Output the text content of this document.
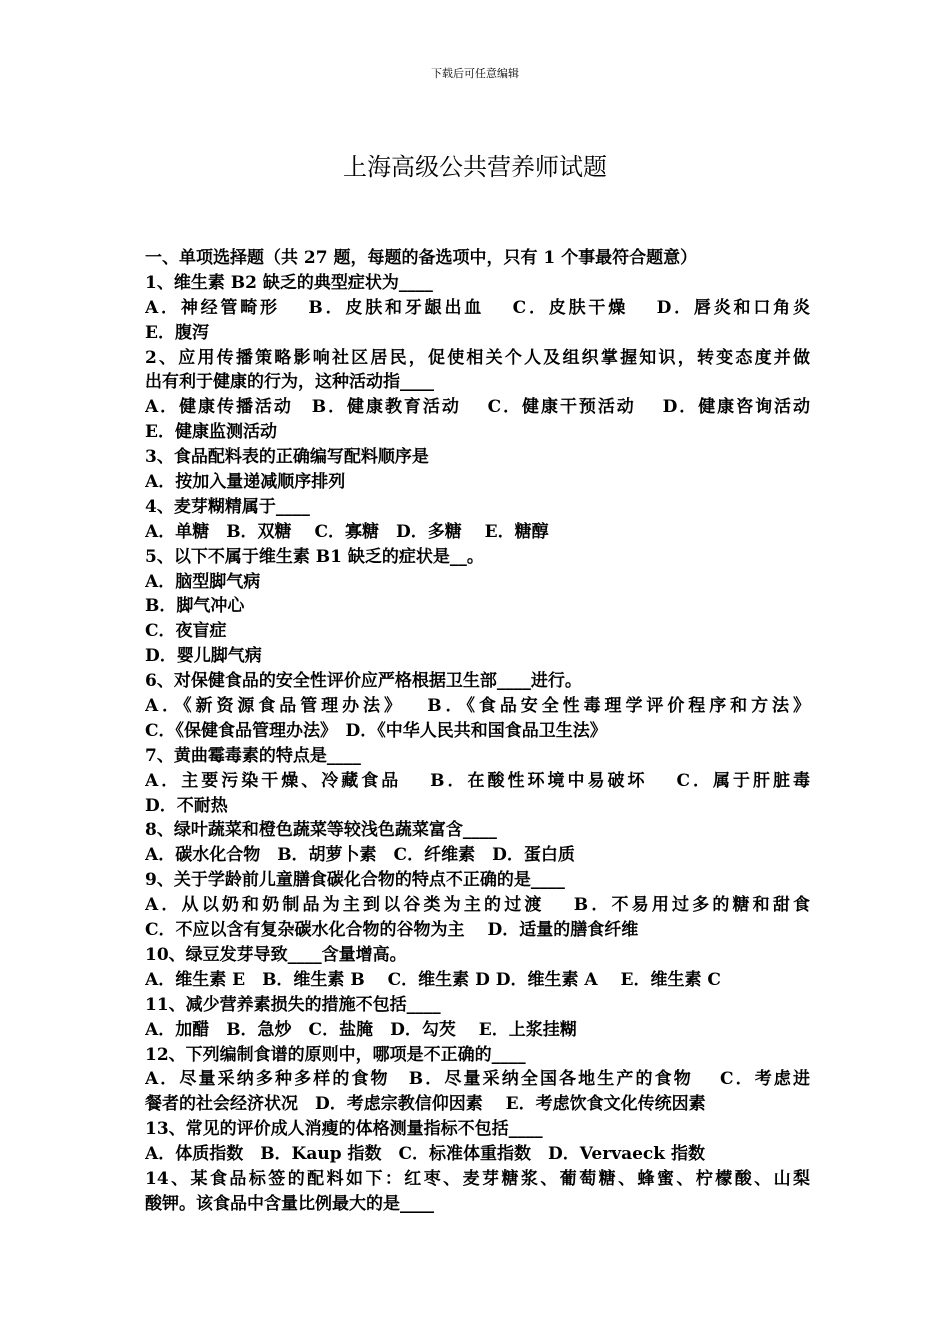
下载后可任意编辑
上海高级公共营养师试题
一、单项选择题（共 27 题，每题的备选项中，只有 1 个事最符合题意）
1、维生素 B2 缺乏的典型症状为____
A．神经管畸形　 B．皮肤和牙龈出血　 C．皮肤干燥　 D．唇炎和口角炎
E．腹泻
2、应用传播策略影响社区居民，促使相关个人及组织掌握知识，转变态度并做
出有利于健康的行为，这种活动指____
A．健康传播活动　B．健康教育活动　 C．健康干预活动　 D．健康咨询活动
E．健康监测活动
3、食品配料表的正确编写配料顺序是
A．按加入量递减顺序排列
4、麦芽糊精属于____
A．单糖　B．双糖　 C．寡糖　D．多糖　 E．糖醇
5、以下不属于维生素 B1 缺乏的症状是__。
A．脑型脚气病
B．脚气冲心
C．夜盲症
D．婴儿脚气病
6、对保健食品的安全性评价应严格根据卫生部____进行。
A．《新资源食品管理办法》　 B．《食品安全性毒理学评价程序和方法》
C．《保健食品管理办法》　D．《中华人民共和国食品卫生法》
7、黄曲霉毒素的特点是____
A．主要污染干燥、冷藏食品　 B．在酸性环境中易破坏　 C．属于肝脏毒
D．不耐热
8、绿叶蔬菜和橙色蔬菜等较浅色蔬菜富含____
A．碳水化合物　B．胡萝卜素　C．纤维素　D．蛋白质
9、关于学龄前儿童膳食碳化合物的特点不正确的是____
A．从以奶和奶制品为主到以谷类为主的过渡　 B．不易用过多的糖和甜食
C．不应以含有复杂碳水化合物的谷物为主　 D．适量的膳食纤维
10、绿豆发芽导致____含量增高。
A．维生素 E　B．维生素 B　 C．维生素 D D．维生素 A　 E．维生素 C
11、减少营养素损失的措施不包括____
A．加醋　B．急炒　C．盐腌　D．勾芡　 E．上浆挂糊
12、下列编制食谱的原则中，哪项是不正确的____
A．尽量采纳多种多样的食物　B．尽量采纳全国各地生产的食物　 C．考虑进
餐者的社会经济状况　D．考虑宗教信仰因素　 E．考虑饮食文化传统因素
13、常见的评价成人消瘦的体格测量指标不包括____
A．体质指数　B．Kaup 指数　C．标准体重指数　D．Vervaeck 指数
14、某食品标签的配料如下：红枣、麦芽糖浆、葡萄糖、蜂蜜、柠檬酸、山梨
酸钾。该食品中含量比例最大的是____
